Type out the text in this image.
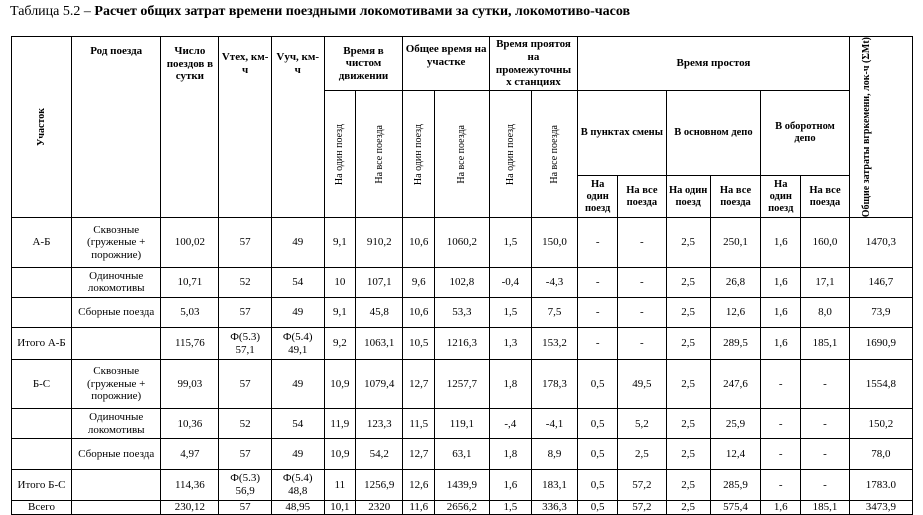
Таблица 5.2 – Расчет общих затрат времени поездными локомотивами за сутки, локомотиво-часов
Участок	Род поезда	Число поездов в сутки	Vтех, км-ч	Vуч, км-ч	Время в чистом движении		Общее время на участке		Время проятоя на промежуточны х станциях		Время простоя						Общие затраты вгркемени, лок-ч (ΣMt)

					На один поезд	На все поезда	На один поезд	На все поезда	На один поезд	На все поезда	В пунктах смены		В основном депо		В оборотном депо		
											На один поезд	На все поезда	На один поезд	На все поезда	На один поезд	На все поезда	
А-Б	Сквозные (груженые + порожние)	100,02	57	49	9,1	910,2	10,6	1060,2	1,5	150,0	-	-	2,5	250,1	1,6	160,0	1470,3
	Одиночные локомотивы	10,71	52	54	10	107,1	9,6	102,8	-0,4	-4,3	-	-	2,5	26,8	1,6	17,1	146,7
	Сборные поезда	5,03	57	49	9,1	45,8	10,6	53,3	1,5	7,5	-	-	2,5	12,6	1,6	8,0	73,9
Итого А-Б		115,76	Ф(5.3) 57,1	Ф(5.4) 49,1	9,2	1063,1	10,5	1216,3	1,3	153,2	-	-	2,5	289,5	1,6	185,1	1690,9
Б-С	Сквозные (груженые + порожние)	99,03	57	49	10,9	1079,4	12,7	1257,7	1,8	178,3	0,5	49,5	2,5	247,6	-	-	1554,8
	Одиночные локомотивы	10,36	52	54	11,9	123,3	11,5	119,1	-,4	-4,1	0,5	5,2	2,5	25,9	-	-	150,2
	Сборные поезда	4,97	57	49	10,9	54,2	12,7	63,1	1,8	8,9	0,5	2,5	2,5	12,4	-	-	78,0
Итого Б-С		114,36	Ф(5.3) 56,9	Ф(5.4) 48,8	11	1256,9	12,6	1439,9	1,6	183,1	0,5	57,2	2,5	285,9	-	-	1783.0
Всего		230,12	57	48,95	10,1	2320	11,6	2656,2	1,5	336,3	0,5	57,2	2,5	575,4	1,6	185,1	3473,9
